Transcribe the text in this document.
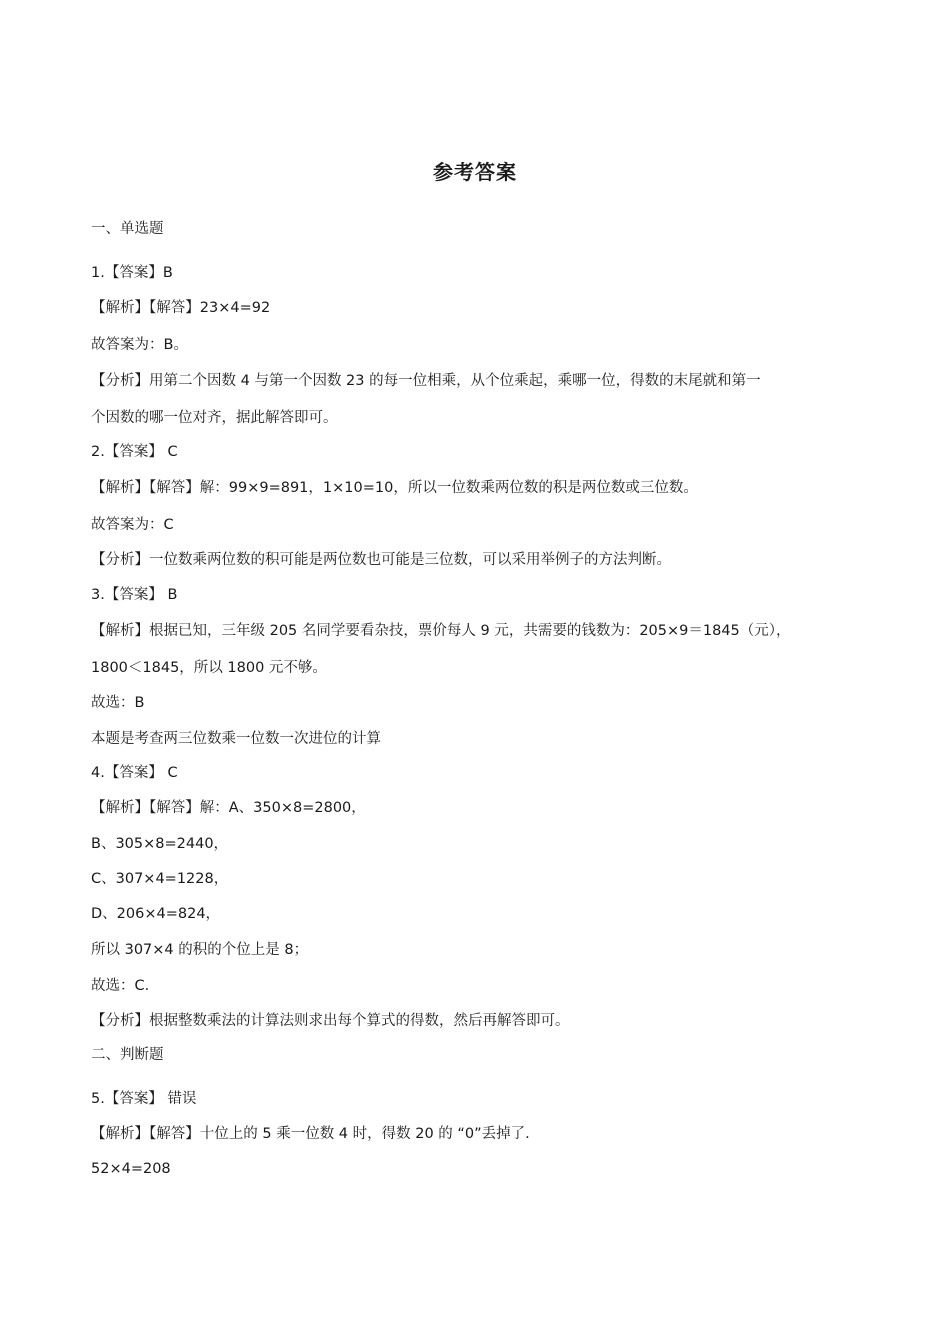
参考答案
一、单选题
1.【答案】B
【解析】【解答】23×4=92
故答案为：B。
【分析】用第二个因数 4 与第一个因数 23 的每一位相乘，从个位乘起，乘哪一位，得数的末尾就和第一
个因数的哪一位对齐，据此解答即可。
2.【答案】 C
【解析】【解答】解：99×9=891，1×10=10，所以一位数乘两位数的积是两位数或三位数。
故答案为：C
【分析】一位数乘两位数的积可能是两位数也可能是三位数，可以采用举例子的方法判断。
3.【答案】 B
【解析】根据已知，三年级 205 名同学要看杂技，票价每人 9 元，共需要的钱数为：205×9＝1845（元），
1800＜1845，所以 1800 元不够。
故选：B
本题是考查两三位数乘一位数一次进位的计算
4.【答案】 C
【解析】【解答】解：A、350×8=2800，
B、305×8=2440，
C、307×4=1228，
D、206×4=824，
所以 307×4 的积的个位上是 8；
故选：C．
【分析】根据整数乘法的计算法则求出每个算式的得数，然后再解答即可。
二、判断题
5.【答案】 错误
【解析】【解答】十位上的 5 乘一位数 4 时，得数 20 的 “0”丢掉了.
52×4=208
